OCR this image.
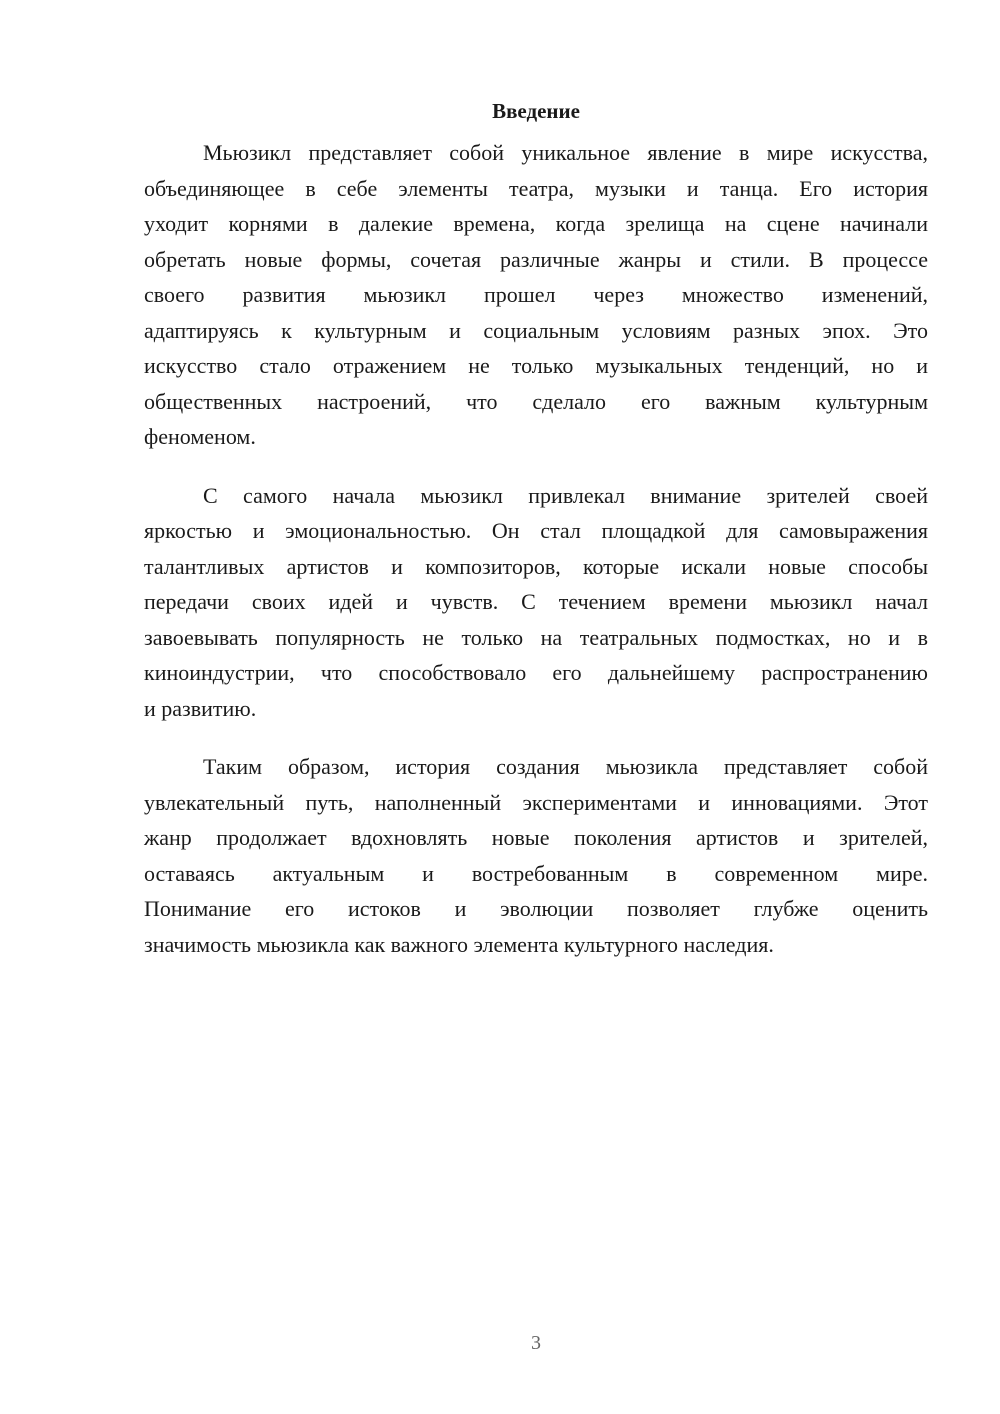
Введение
Мьюзикл представляет собой уникальное явление в мире искусства,
объединяющее в себе элементы театра, музыки и танца. Его история
уходит корнями в далекие времена, когда зрелища на сцене начинали
обретать новые формы, сочетая различные жанры и стили. В процессе
своего развития мьюзикл прошел через множество изменений,
адаптируясь к культурным и социальным условиям разных эпох. Это
искусство стало отражением не только музыкальных тенденций, но и
общественных настроений, что сделало его важным культурным
феноменом.
С самого начала мьюзикл привлекал внимание зрителей своей
яркостью и эмоциональностью. Он стал площадкой для самовыражения
талантливых артистов и композиторов, которые искали новые способы
передачи своих идей и чувств. С течением времени мьюзикл начал
завоевывать популярность не только на театральных подмостках, но и в
киноиндустрии, что способствовало его дальнейшему распространению
и развитию.
Таким образом, история создания мьюзикла представляет собой
увлекательный путь, наполненный экспериментами и инновациями. Этот
жанр продолжает вдохновлять новые поколения артистов и зрителей,
оставаясь актуальным и востребованным в современном мире.
Понимание его истоков и эволюции позволяет глубже оценить
значимость мьюзикла как важного элемента культурного наследия.
3
